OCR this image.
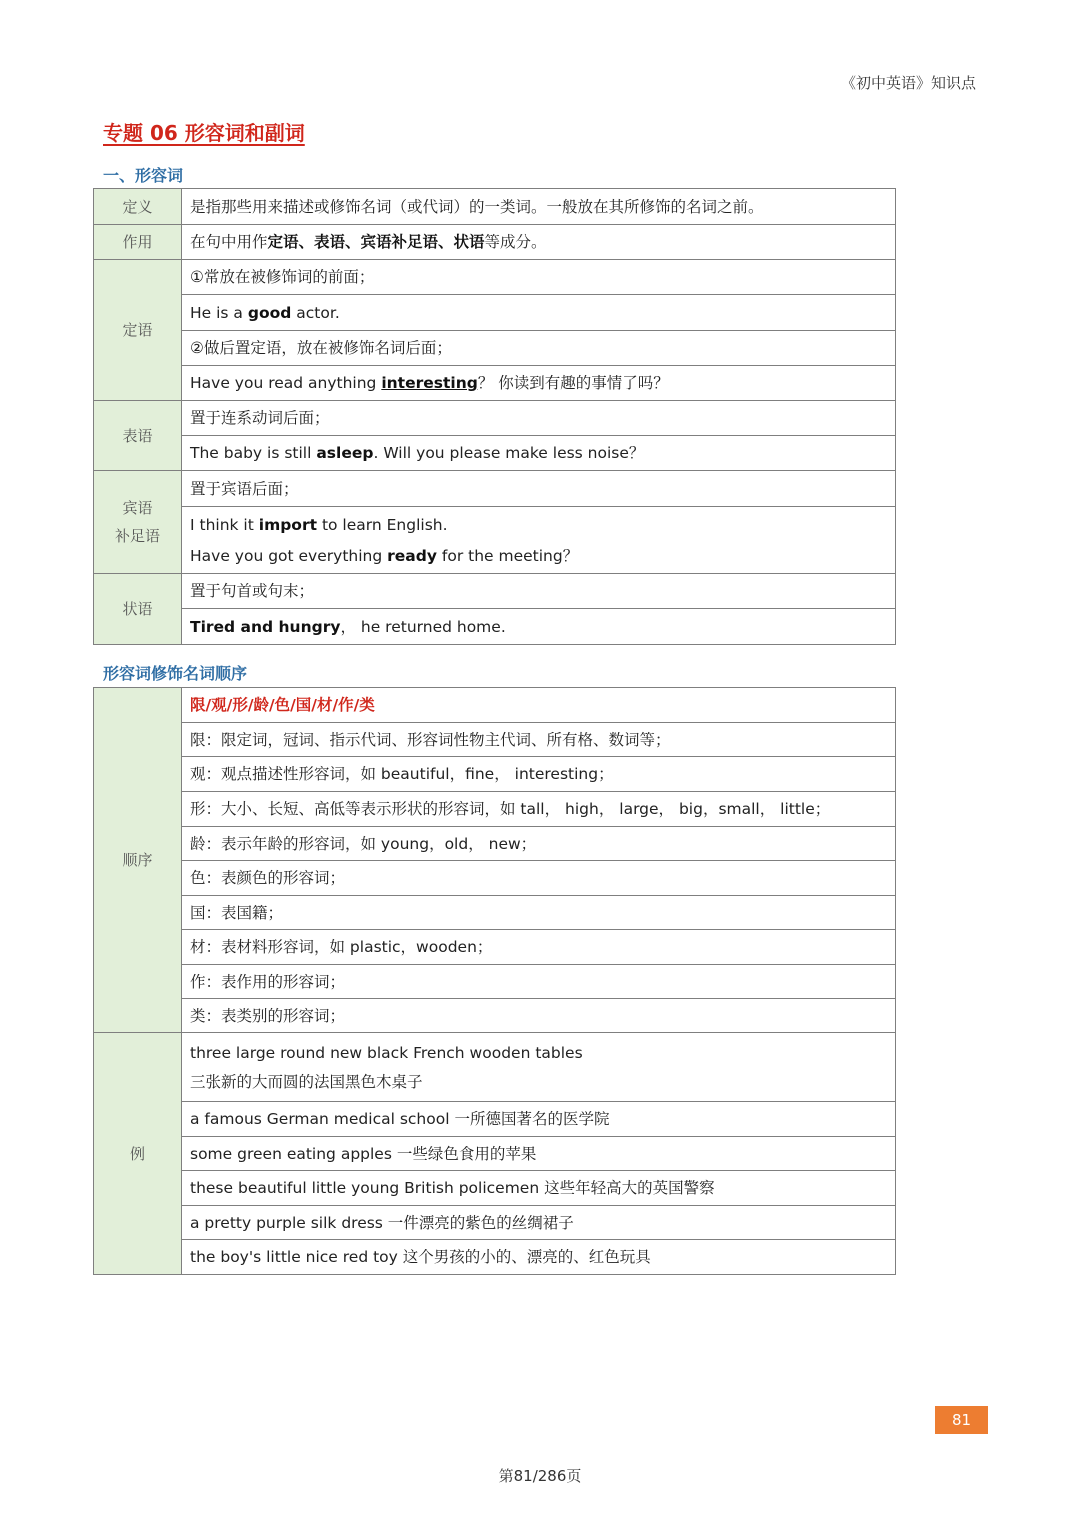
《初中英语》知识点
专题 06 形容词和副词
一、形容词
定义	是指那些用来描述或修饰名词（或代词）的一类词。一般放在其所修饰的名词之前。
作用	在句中用作定语、表语、宾语补足语、状语等成分。
定语	①常放在被修饰词的前面；
	He is a good actor.
	②做后置定语，放在被修饰名词后面；
	Have you read anything interesting？ 你读到有趣的事情了吗？
表语	置于连系动词后面；
	The baby is still asleep. Will you please make less noise？

宾语
补足语	置于宾语后面；

	I think it import to learn English.
Have you got everything ready for the meeting？

状语	置于句首或句末；
	Tired and hungry， he returned home.
形容词修饰名词顺序
顺序	限/观/形/龄/色/国/材/作/类
	限：限定词，冠词、指示代词、形容词性物主代词、所有格、数词等；
	观：观点描述性形容词，如 beautiful，fine， interesting；
	形：大小、长短、高低等表示形状的形容词，如 tall， high， large， big，small， little；
	龄：表示年龄的形容词，如 young，old， new；
	色：表颜色的形容词；
	国：表国籍；
	材：表材料形容词，如 plastic，wooden；
	作：表作用的形容词；
	类：表类别的形容词；
例	three large round new black French wooden tables
三张新的大而圆的法国黑色木桌子

	a famous German medical school 一所德国著名的医学院
	some green eating apples 一些绿色食用的苹果
	these beautiful little young British policemen 这些年轻高大的英国警察
	a pretty purple silk dress 一件漂亮的紫色的丝绸裙子
	the boy's little nice red toy 这个男孩的小的、漂亮的、红色玩具
81
第81/286页
